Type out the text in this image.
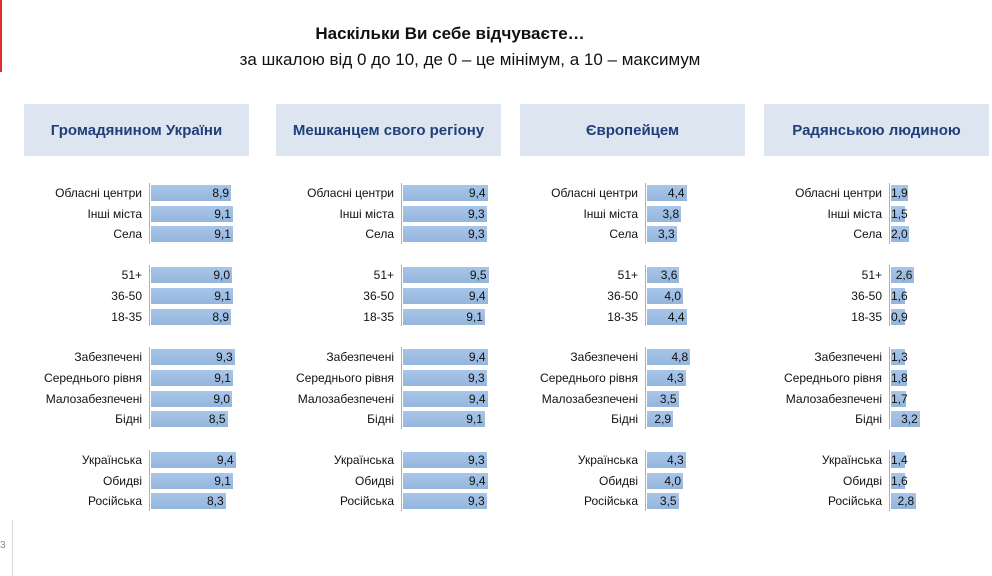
3
Наскільки Ви себе відчуваєте…
за шкалою від 0 до 10, де 0 – це мінімум, а 10 – максимум
Громадянином України
Обласні центри	8,9
Інші міста	9,1
Села	9,1
51+	9,0
36-50	9,1
18-35	8,9
Забезпечені	9,3
Середнього рівня	9,1
Малозабезпечені	9,0
Бідні	8,5
Українська	9,4
Обидві	9,1
Російська	8,3
Мешканцем свого регіону
Обласні центри	9,4
Інші міста	9,3
Села	9,3
51+	9,5
36-50	9,4
18-35	9,1
Забезпечені	9,4
Середнього рівня	9,3
Малозабезпечені	9,4
Бідні	9,1
Українська	9,3
Обидві	9,4
Російська	9,3
Європейцем
Обласні центри	4,4
Інші міста	3,8
Села	3,3
51+	3,6
36-50	4,0
18-35	4,4
Забезпечені	4,8
Середнього рівня	4,3
Малозабезпечені	3,5
Бідні	2,9
Українська	4,3
Обидві	4,0
Російська	3,5
Радянською людиною
Обласні центри 1,9
Інші міста 1,5
Села 2,0
51+	2,6
36-50 1,6
18-35 0,9
Забезпечені 1,3
Середнього рівня 1,8
Малозабезпечені 1,7
Бідні	3,2
Українська 1,4
Обидві 1,6
Російська	2,8
